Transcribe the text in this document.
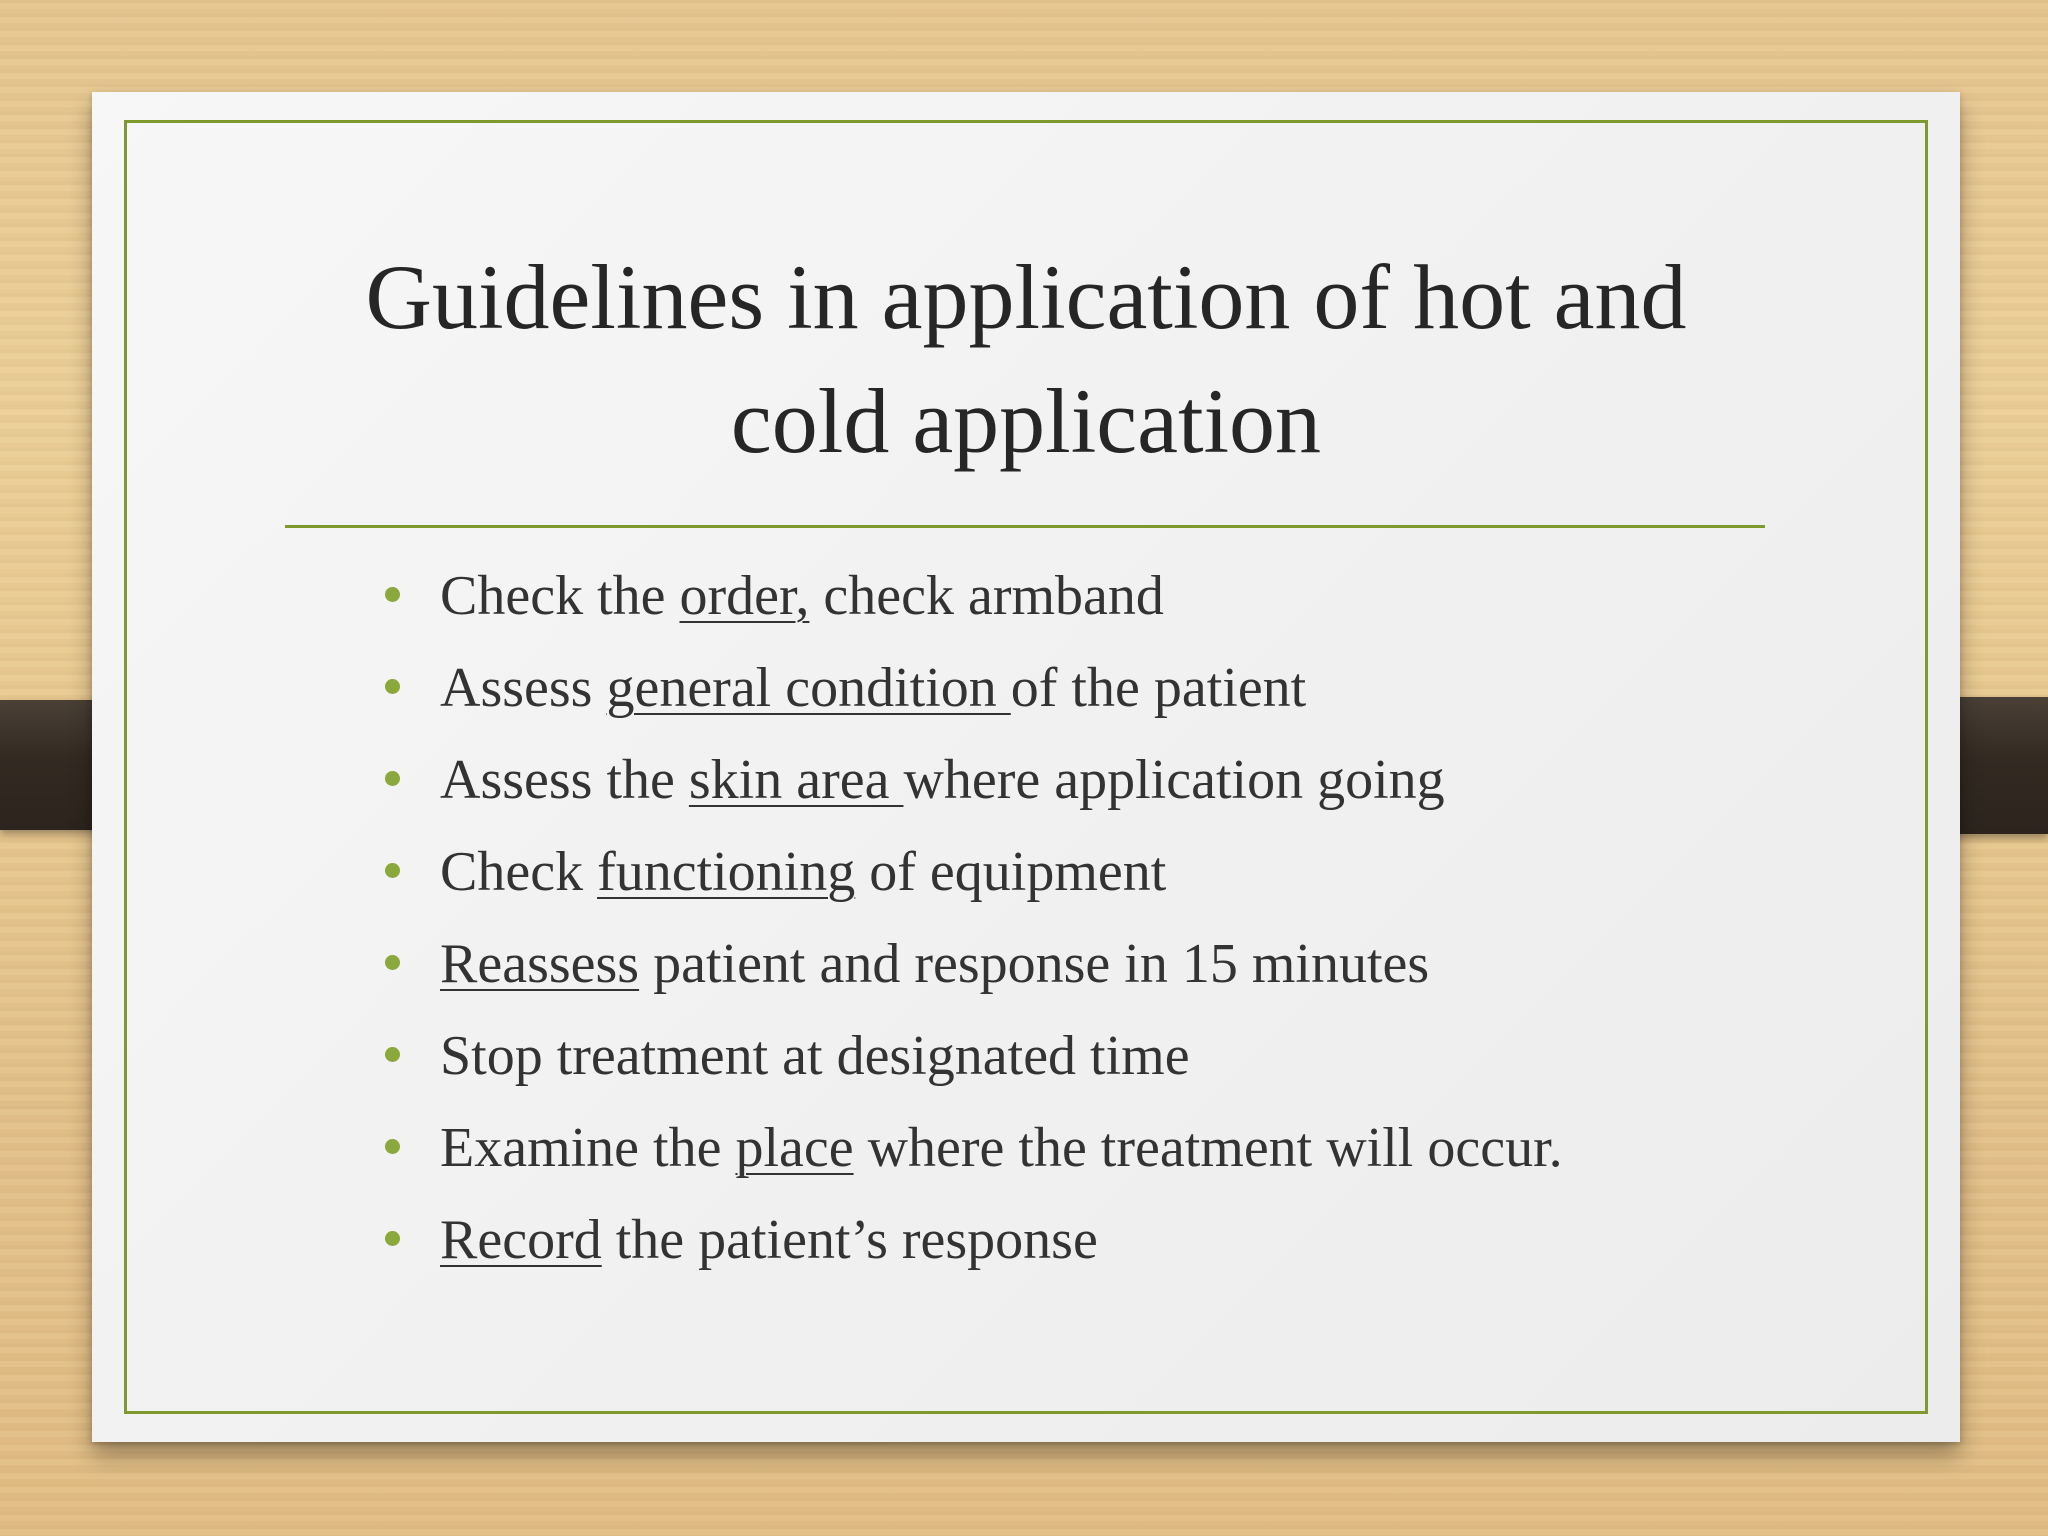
Guidelines in application of hot and cold application
Check the order, check armband
Assess general condition of the patient
Assess the skin area where application going
Check functioning of equipment
Reassess patient and response in 15 minutes
Stop treatment at designated time
Examine the place where the treatment will occur.
Record the patient’s response
